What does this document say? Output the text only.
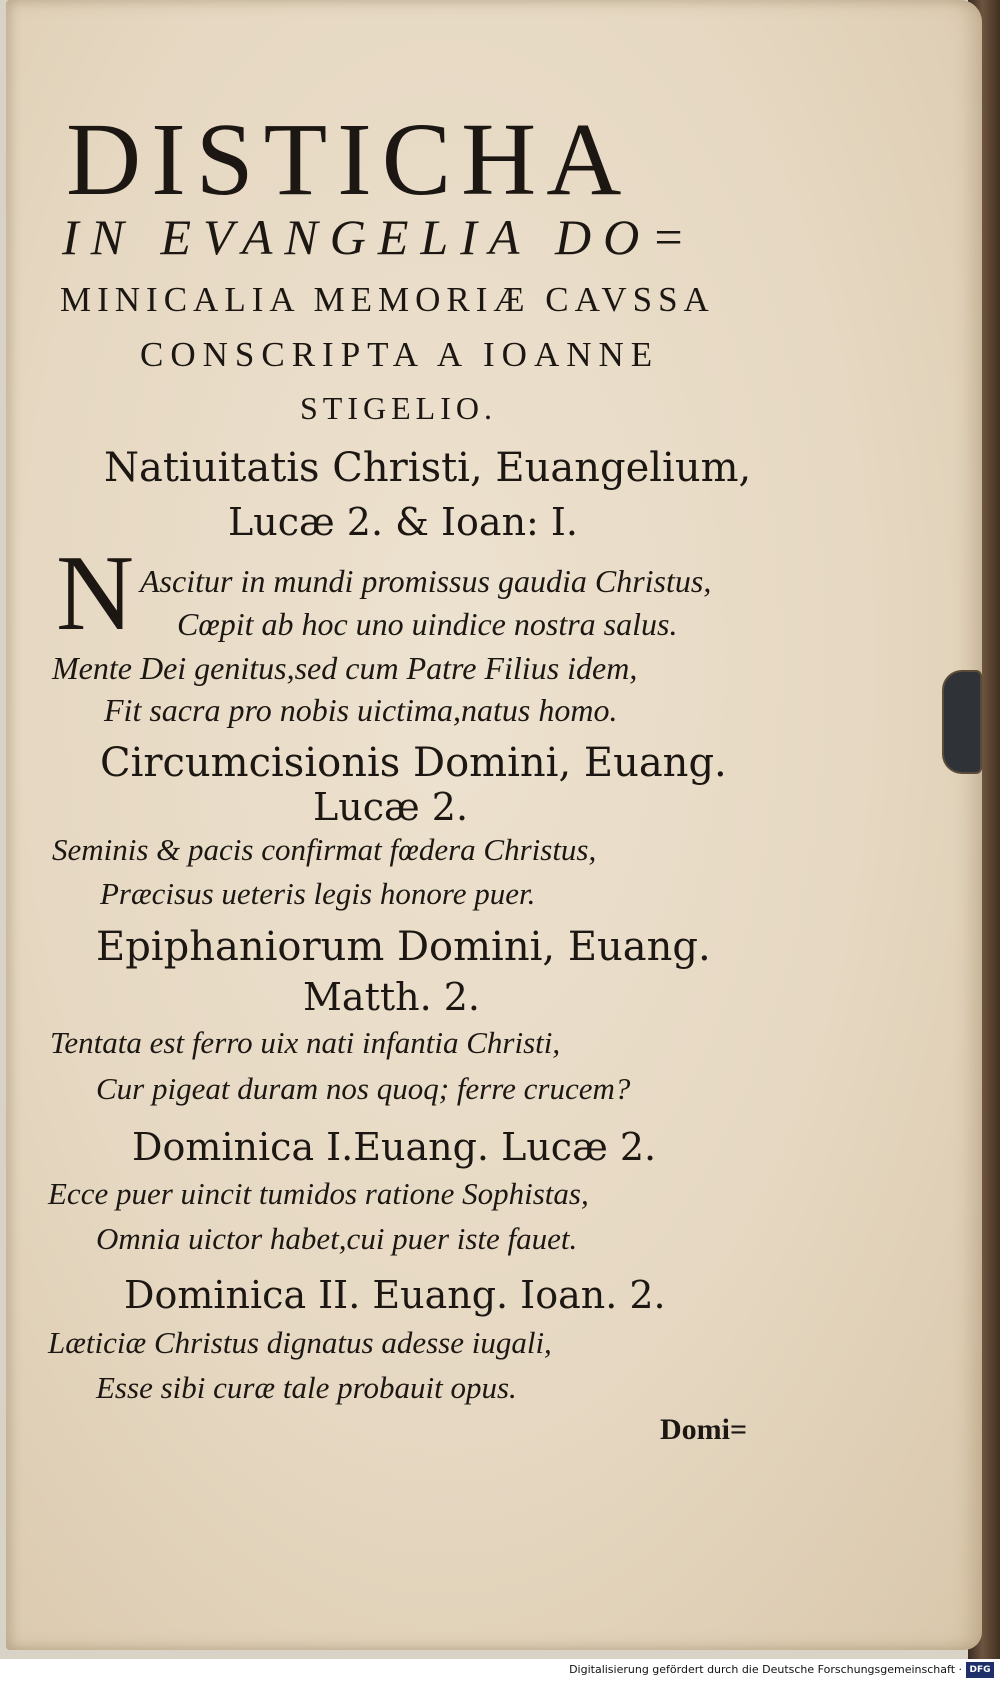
DISTICHA
IN EVANGELIA DO=
MINICALIA MEMORIÆ CAVSSA
CONSCRIPTA A IOANNE
STIGELIO.
Natiuitatis Christi, Euangelium,
Lucæ 2. & Ioan: I.
N Ascitur in mundi promissus gaudia Christus,
Cœpit ab hoc uno uindice nostra salus.
Mente Dei genitus,sed cum Patre Filius idem,
Fit sacra pro nobis uictima,natus homo.
Circumcisionis Domini, Euang.
Lucæ 2.
Seminis & pacis confirmat fœdera Christus,
Præcisus ueteris legis honore puer.
Epiphaniorum Domini, Euang.
Matth. 2.
Tentata est ferro uix nati infantia Christi,
Cur pigeat duram nos quoq; ferre crucem?
Dominica I.Euang. Lucæ 2.
Ecce puer uincit tumidos ratione Sophistas,
Omnia uictor habet,cui puer iste fauet.
Dominica II. Euang. Ioan. 2.
Læticiæ Christus dignatus adesse iugali,
Esse sibi curæ tale probauit opus.
Domi=
Digitalisierung gefördert durch die Deutsche Forschungsgemeinschaft · DFG
